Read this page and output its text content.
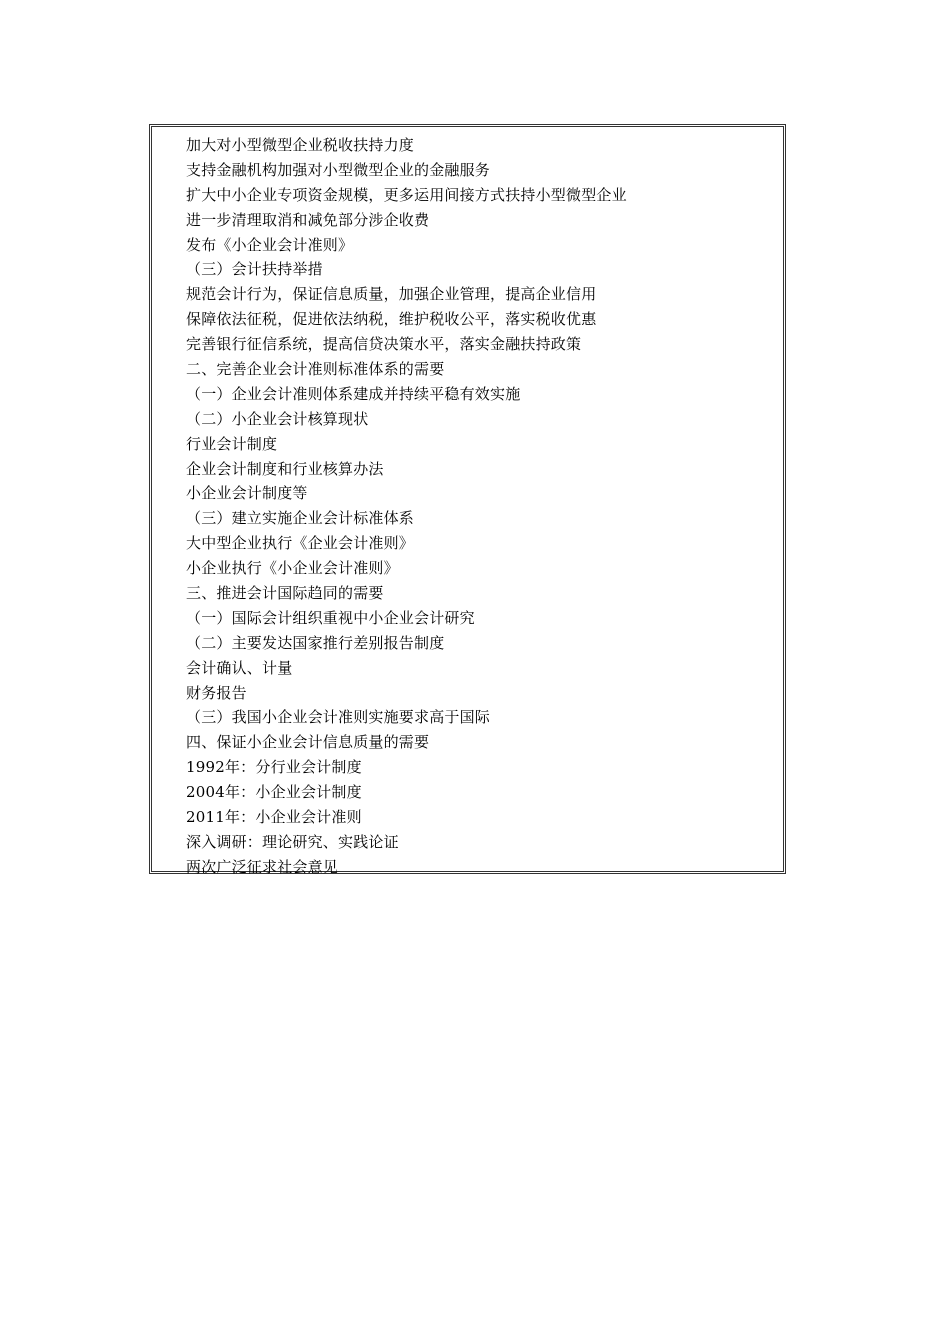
加大对小型微型企业税收扶持力度
支持金融机构加强对小型微型企业的金融服务
扩大中小企业专项资金规模，更多运用间接方式扶持小型微型企业
进一步清理取消和减免部分涉企收费
发布《小企业会计准则》
（三）会计扶持举措
规范会计行为，保证信息质量，加强企业管理，提高企业信用
保障依法征税，促进依法纳税，维护税收公平，落实税收优惠
完善银行征信系统，提高信贷决策水平，落实金融扶持政策
二、完善企业会计准则标准体系的需要
（一）企业会计准则体系建成并持续平稳有效实施
（二）小企业会计核算现状
行业会计制度
企业会计制度和行业核算办法
小企业会计制度等
（三）建立实施企业会计标准体系
大中型企业执行《企业会计准则》
小企业执行《小企业会计准则》
三、推进会计国际趋同的需要
（一）国际会计组织重视中小企业会计研究
（二）主要发达国家推行差别报告制度
会计确认、计量
财务报告
（三）我国小企业会计准则实施要求高于国际
四、保证小企业会计信息质量的需要
1992年：分行业会计制度
2004年：小企业会计制度
2011年：小企业会计准则
深入调研：理论研究、实践论证
两次广泛征求社会意见
